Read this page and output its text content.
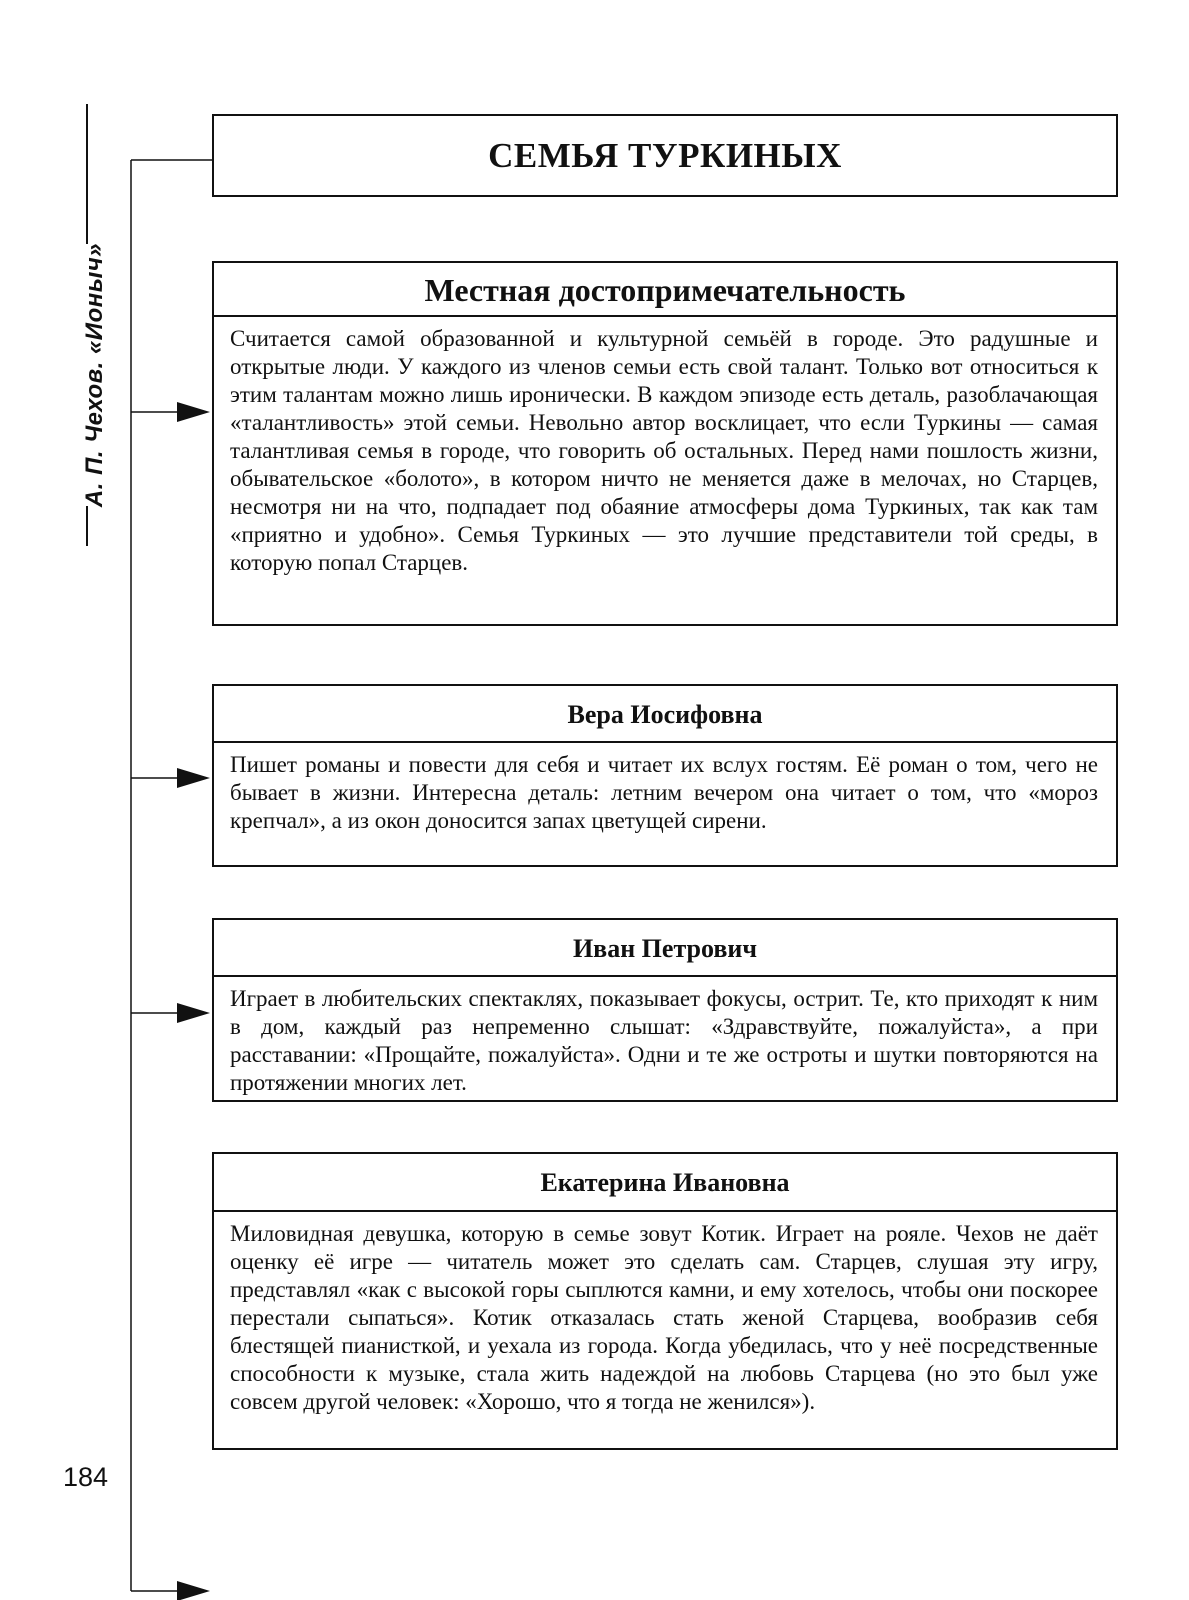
А. П. Чехов. «Ионыч»
СЕМЬЯ ТУРКИНЫХ
Местная достопримечательность
Считается самой образованной и культурной семьёй в городе. Это радушные и открытые люди. У каждого из членов семьи есть свой талант. Только вот относиться к этим талантам можно лишь иронически. В каждом эпизоде есть деталь, разоблачающая «талантливость» этой семьи. Невольно автор восклицает, что если Туркины — самая талантливая семья в городе, что говорить об остальных. Перед нами пошлость жизни, обывательское «болото», в котором ничто не меняется даже в мелочах, но Старцев, несмотря ни на что, подпадает под обаяние атмосферы дома Туркиных, так как там «приятно и удобно». Семья Туркиных — это лучшие представители той среды, в которую попал Старцев.
Вера Иосифовна
Пишет романы и повести для себя и читает их вслух гостям. Её роман о том, чего не бывает в жизни. Интересна деталь: летним вечером она читает о том, что «мороз крепчал», а из окон доносится запах цветущей сирени.
Иван Петрович
Играет в любительских спектаклях, показывает фокусы, острит. Те, кто приходят к ним в дом, каждый раз непременно слышат: «Здравствуйте, пожалуйста», а при расставании: «Прощайте, пожалуйста». Одни и те же остроты и шутки повторяются на протяжении многих лет.
Екатерина Ивановна
Миловидная девушка, которую в семье зовут Котик. Играет на рояле. Чехов не даёт оценку её игре — читатель может это сделать сам. Старцев, слушая эту игру, представлял «как с высокой горы сыплются камни, и ему хотелось, чтобы они поскорее перестали сыпаться». Котик отказалась стать женой Старцева, вообразив себя блестящей пианисткой, и уехала из города. Когда убедилась, что у неё посредственные способности к музыке, стала жить надеждой на любовь Старцева (но это был уже совсем другой человек: «Хорошо, что я тогда не женился»).
184
